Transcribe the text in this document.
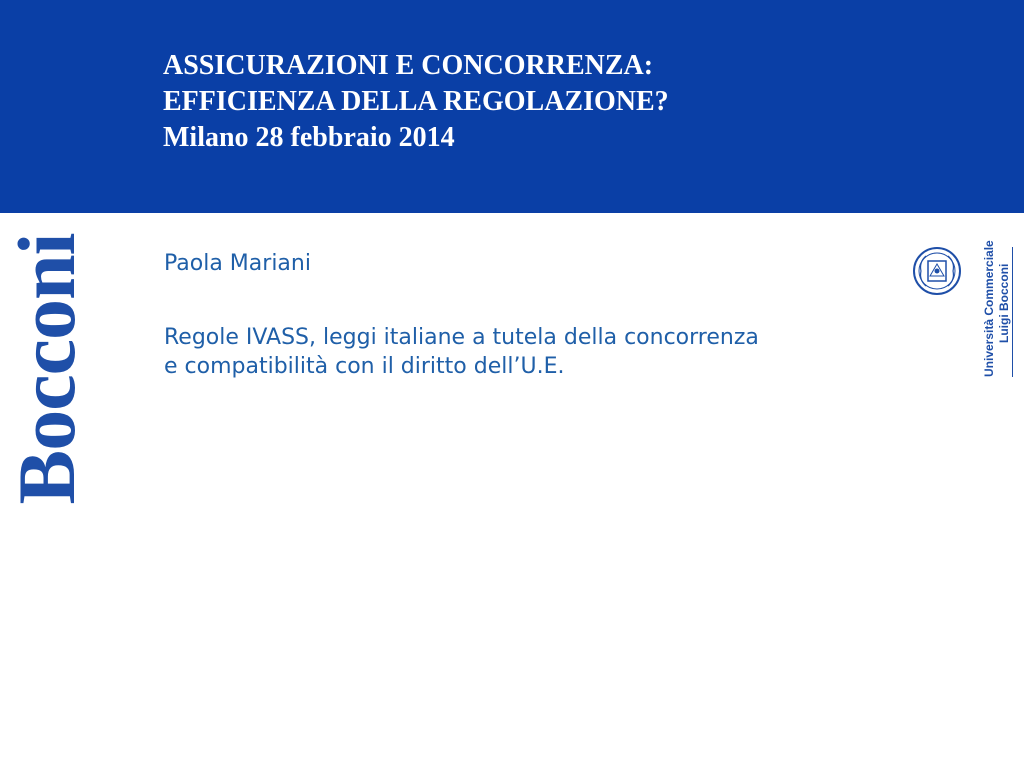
ASSICURAZIONI E CONCORRENZA:
EFFICIENZA DELLA REGOLAZIONE?
Milano 28 febbraio 2014
Bocconi	Paola Mariani
Regole IVASS, leggi italiane a tutela della concorrenza
e compatibilità con il diritto dell’U.E.	Università Commerciale Luigi Bocconi
